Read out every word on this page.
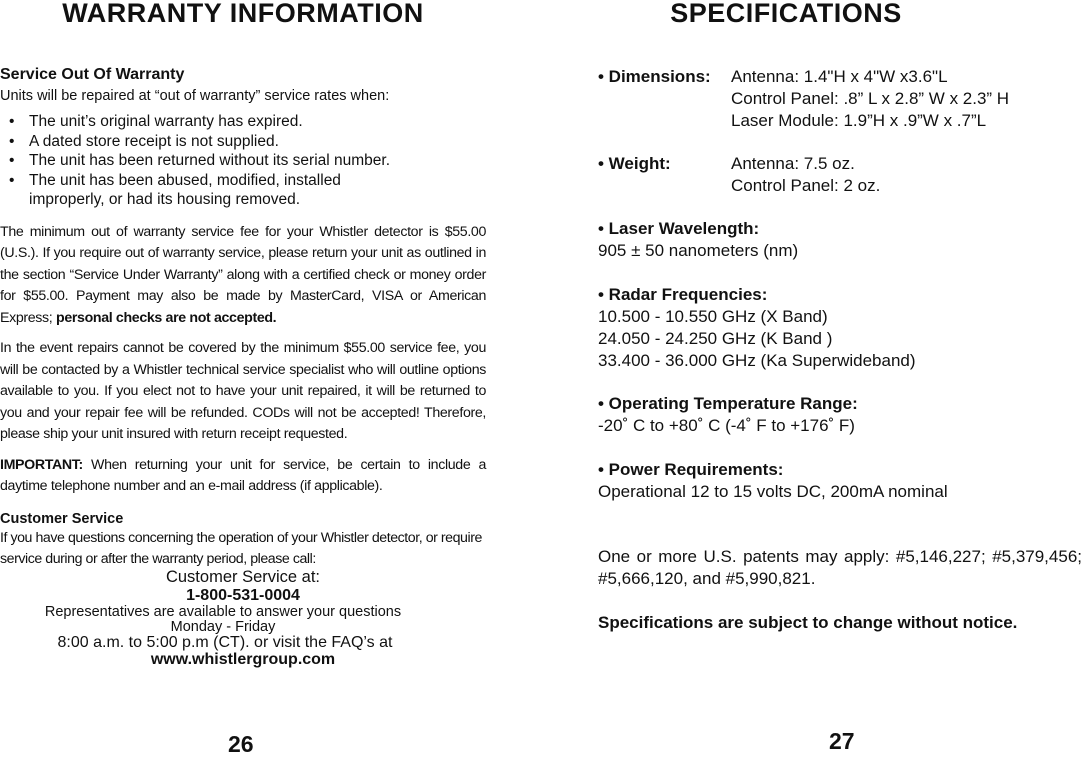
WARRANTY INFORMATION

Service Out Of Warranty

Units will be repaired at “out of warranty” service rates when:

• The unit’s original warranty has expired.
• A dated store receipt is not supplied.
• The unit has been returned without its serial number.
• The unit has been abused, modified, installed improperly, or had its housing removed.

The minimum out of warranty service fee for your Whistler detector is $55.00 (U.S.). If you require out of warranty service, please return your unit as outlined in the section “Service Under Warranty” along with a certified check or money order for $55.00. Payment may also be made by MasterCard, VISA or American Express; personal checks are not accepted.

In the event repairs cannot be covered by the minimum $55.00 service fee, you will be contacted by a Whistler technical service specialist who will outline options available to you. If you elect not to have your unit repaired, it will be returned to you and your repair fee will be refunded. CODs will not be accepted! Therefore, please ship your unit insured with return receipt requested.

IMPORTANT: When returning your unit for service, be certain to include a daytime telephone number and an e-mail address (if applicable).

Customer Service

If you have questions concerning the operation of your Whistler detector, or require service during or after the warranty period, please call:

Customer Service at:
1-800-531-0004
Representatives are available to answer your questions
Monday - Friday
8:00 a.m. to 5:00 p.m (CT). or visit the FAQ’s at
www.whistlergroup.com
26
SPECIFICATIONS
• Dimensions:	Antenna: 1.4"H x 4"W x3.6"L
Control Panel: .8” L x 2.8” W x 2.3” H
Laser Module: 1.9”H x .9”W x .7”L
• Weight:	Antenna: 7.5 oz.
Control Panel: 2 oz.
• Laser Wavelength:
905 ± 50 nanometers (nm)
• Radar Frequencies:
10.500 - 10.550 GHz (X Band)
24.050 - 24.250 GHz (K Band )
33.400 - 36.000 GHz (Ka Superwideband)
• Operating Temperature Range:
-20˚ C to +80˚ C (-4˚ F to +176˚ F)
• Power Requirements:
Operational 12 to 15 volts DC, 200mA nominal
One or more U.S. patents may apply: #5,146,227; #5,379,456; #5,666,120, and #5,990,821.
Specifications are subject to change without notice.
27
